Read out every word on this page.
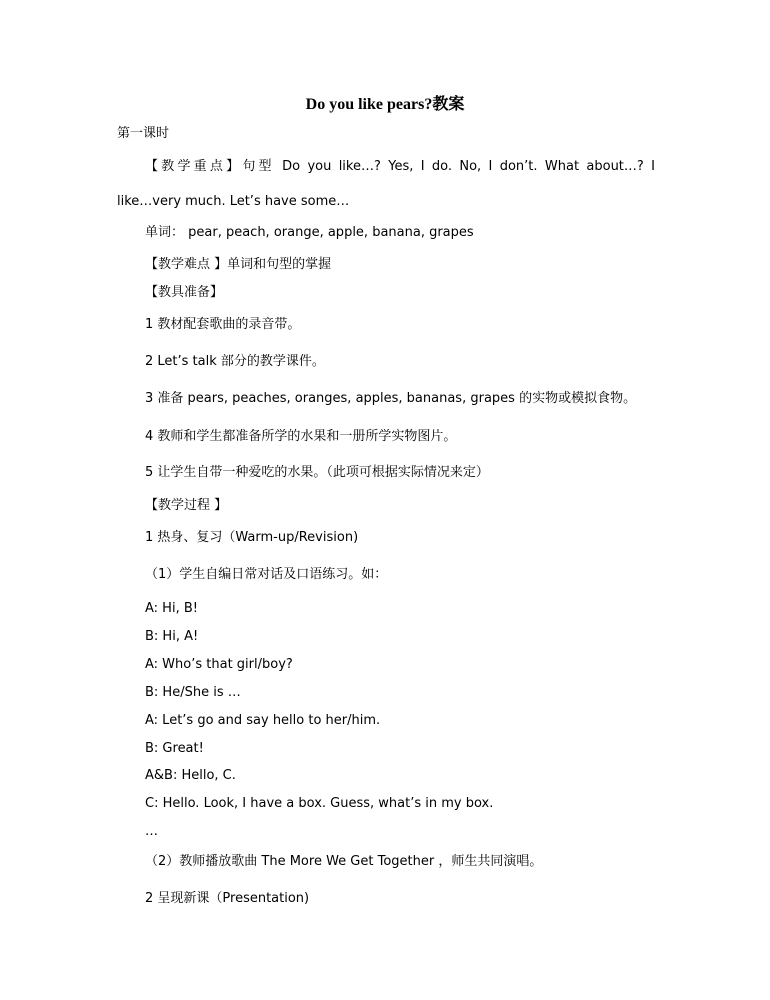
Do you like pears?教案
第一课时
【教学重点】句型 Do you like…? Yes, I do. No, I don’t. What about…? I
like…very much. Let’s have some…
单词： pear, peach, orange, apple, banana, grapes
【教学难点 】单词和句型的掌握
【教具准备】
1 教材配套歌曲的录音带。
2 Let’s talk 部分的教学课件。
3 准备 pears, peaches, oranges, apples, bananas, grapes 的实物或模拟食物。
4 教师和学生都准备所学的水果和一册所学实物图片。
5 让学生自带一种爱吃的水果。（此项可根据实际情况来定）
【教学过程 】
1 热身、复习（Warm-up/Revision)
（1）学生自编日常对话及口语练习。如：
A: Hi, B!
B: Hi, A!
A: Who’s that girl/boy?
B: He/She is …
A: Let’s go and say hello to her/him.
B: Great!
A&B: Hello, C.
C: Hello. Look, I have a box. Guess, what’s in my box.
…
（2）教师播放歌曲 The More We Get Together ，师生共同演唱。
2 呈现新课（Presentation)
